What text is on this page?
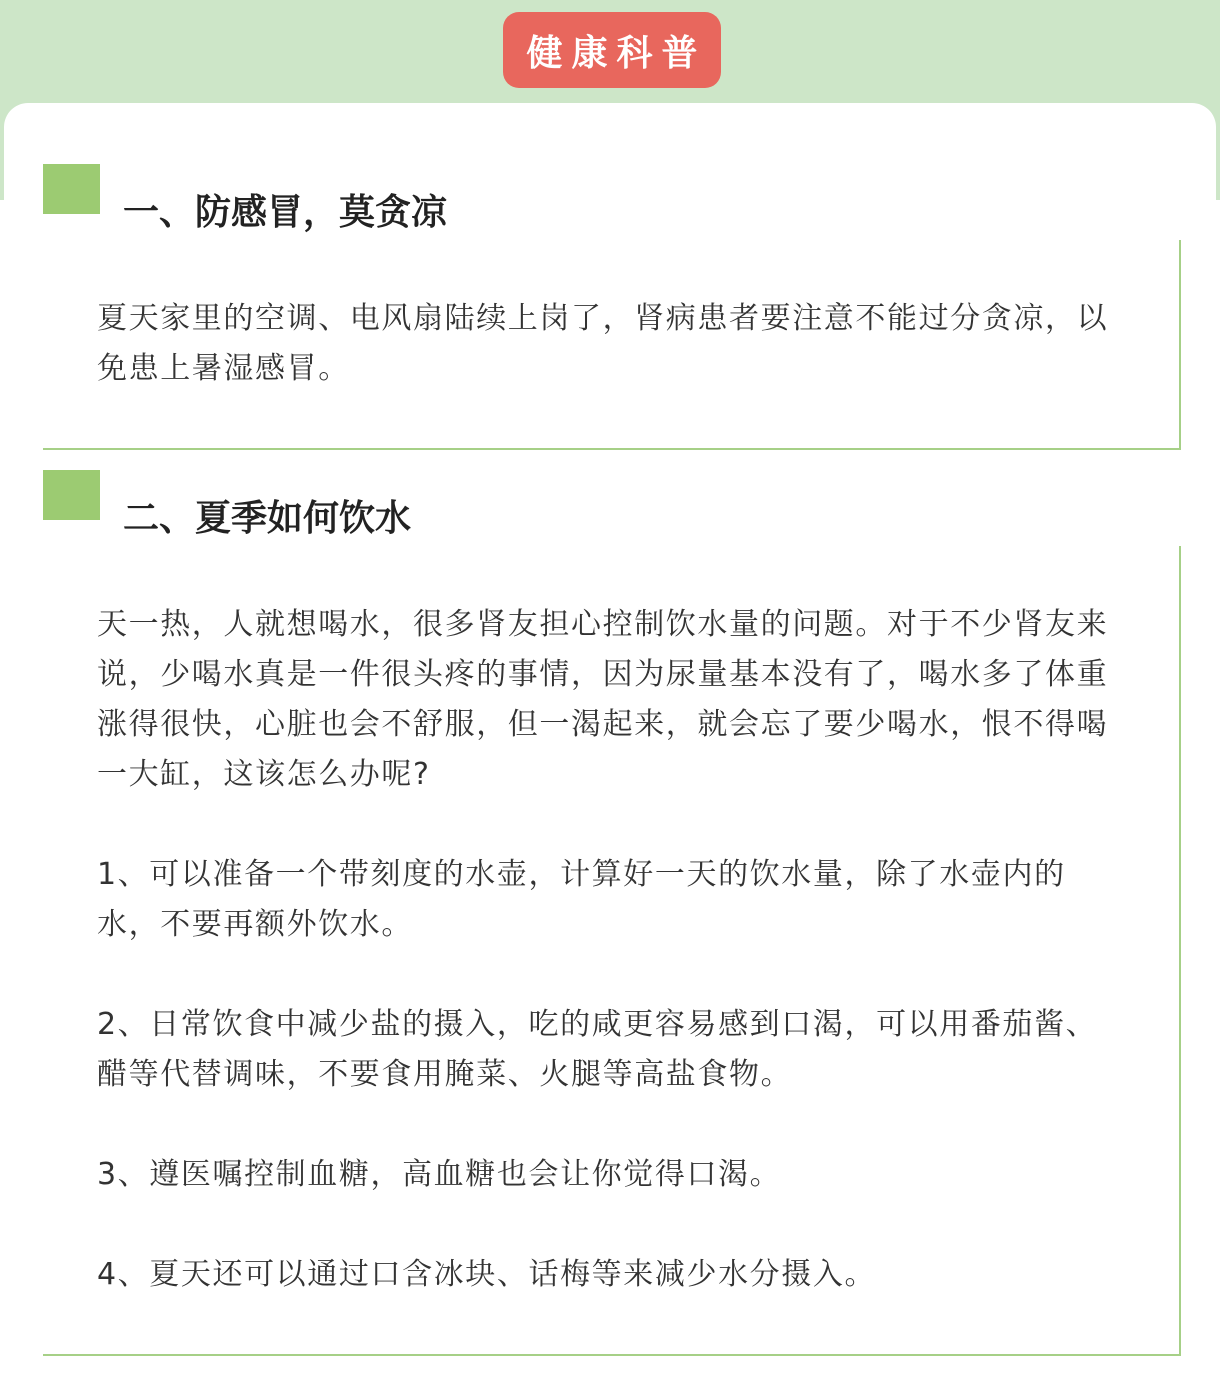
健康科普
一、防感冒，莫贪凉

夏天家里的空调、电风扇陆续上岗了，肾病患者要注意不能过分贪凉，以免患上暑湿感冒。

二、夏季如何饮水

天一热，人就想喝水，很多肾友担心控制饮水量的问题。对于不少肾友来说，少喝水真是一件很头疼的事情，因为尿量基本没有了，喝水多了体重涨得很快，心脏也会不舒服，但一渴起来，就会忘了要少喝水，恨不得喝一大缸，这该怎么办呢?

1、可以准备一个带刻度的水壶，计算好一天的饮水量，除了水壶内的水，不要再额外饮水。

2、日常饮食中减少盐的摄入，吃的咸更容易感到口渴，可以用番茄酱、醋等代替调味，不要食用腌菜、火腿等高盐食物。

3、遵医嘱控制血糖，高血糖也会让你觉得口渴。

4、夏天还可以通过口含冰块、话梅等来减少水分摄入。
